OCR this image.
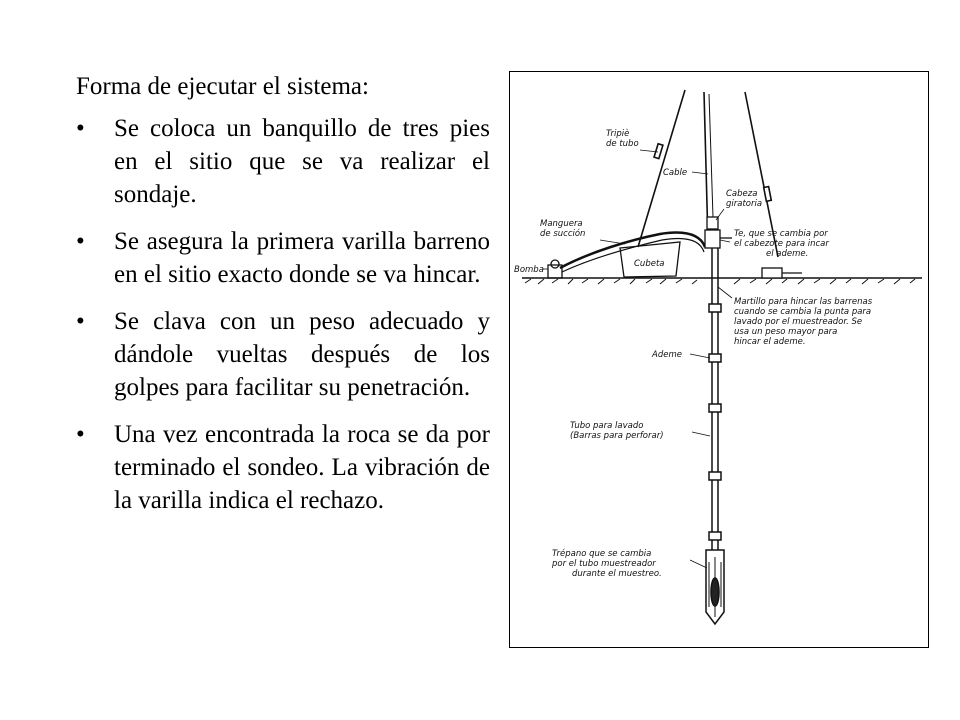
Forma de ejecutar el sistema:
• Se coloca un banquillo de tres pies en el sitio que se va realizar el sondaje.
• Se asegura la primera varilla barreno en el sitio exacto donde se va hincar.
• Se clava con un peso adecuado y dándole vueltas después de los golpes para facilitar su penetración.
• Una vez encontrada la roca se da por terminado el sondeo. La vibración de la varilla indica el rechazo.
Tripiè
de tubo
Cable
Cabeza
giratoria
Manguera
de succión	Te, que se cambia por
el cabezote para incar
el ademe.
Bomba
Cubeta
Martillo para hincar las barrenas
cuando se cambia la punta para
lavado por el muestreador. Se
usa un peso mayor para
hincar el ademe.
Ademe
Tubo para lavado
(Barras para perforar)
Trépano que se cambia
por el tubo muestreador
durante el muestreo.
